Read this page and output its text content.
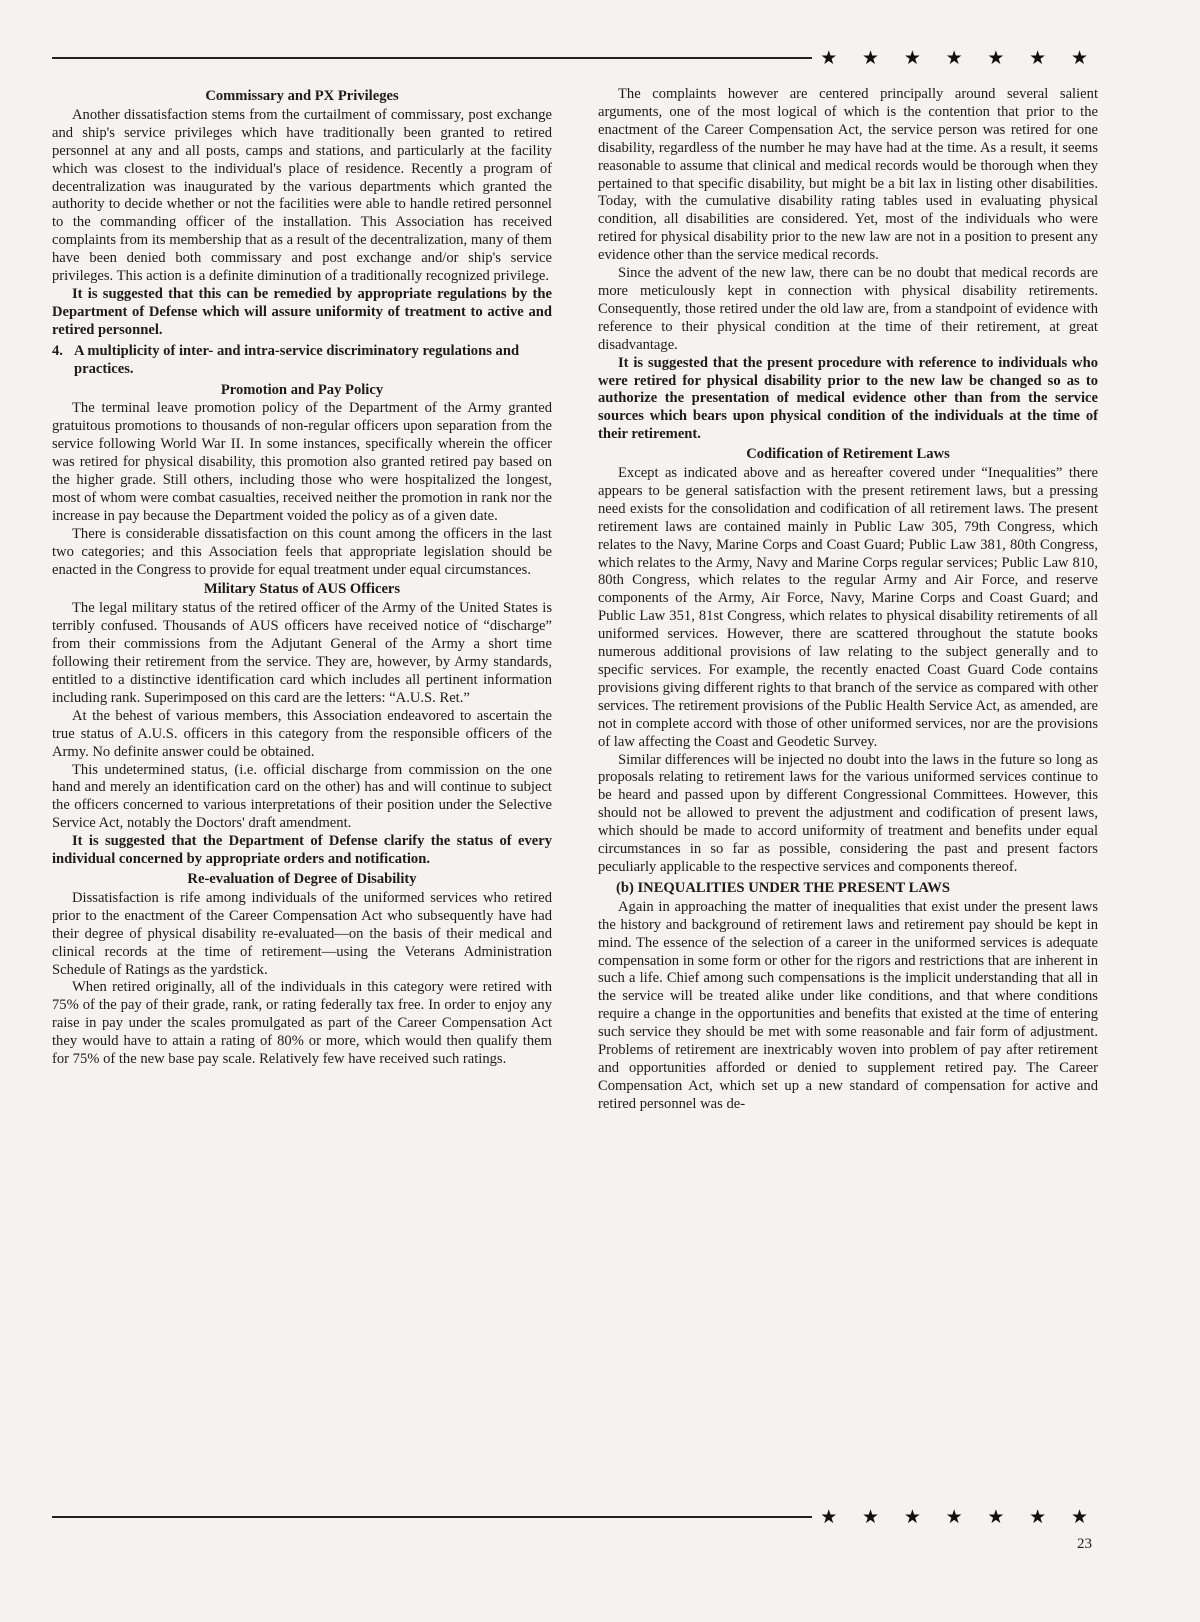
★ ★ ★ ★ ★ ★ ★
Commissary and PX Privileges

Another dissatisfaction stems from the curtailment of commissary, post exchange and ship's service privileges which have traditionally been granted to retired personnel at any and all posts, camps and stations, and particularly at the facility which was closest to the individual's place of residence. Recently a program of decentralization was inaugurated by the various departments which granted the authority to decide whether or not the facilities were able to handle retired personnel to the commanding officer of the installation. This Association has received complaints from its membership that as a result of the decentralization, many of them have been denied both commissary and post exchange and/or ship's service privileges. This action is a definite diminution of a traditionally recognized privilege.

It is suggested that this can be remedied by appropriate regulations by the Department of Defense which will assure uniformity of treatment to active and retired personnel.

4. A multiplicity of inter- and intra-service discriminatory regulations and practices.
Promotion and Pay Policy

The terminal leave promotion policy of the Department of the Army granted gratuitous promotions to thousands of non-regular officers upon separation from the service following World War II. In some instances, specifically wherein the officer was retired for physical disability, this promotion also granted retired pay based on the higher grade. Still others, including those who were hospitalized the longest, most of whom were combat casualties, received neither the promotion in rank nor the increase in pay because the Department voided the policy as of a given date.

There is considerable dissatisfaction on this count among the officers in the last two categories; and this Association feels that appropriate legislation should be enacted in the Congress to provide for equal treatment under equal circumstances.

Military Status of AUS Officers

The legal military status of the retired officer of the Army of the United States is terribly confused. Thousands of AUS officers have received notice of “discharge” from their commissions from the Adjutant General of the Army a short time following their retirement from the service. They are, however, by Army standards, entitled to a distinctive identification card which includes all pertinent information including rank. Superimposed on this card are the letters: “A.U.S. Ret.”

At the behest of various members, this Association endeavored to ascertain the true status of A.U.S. officers in this category from the responsible officers of the Army. No definite answer could be obtained.

This undetermined status, (i.e. official discharge from commission on the one hand and merely an identification card on the other) has and will continue to subject the officers concerned to various interpretations of their position under the Selective Service Act, notably the Doctors' draft amendment.

It is suggested that the Department of Defense clarify the status of every individual concerned by appropriate orders and notification.

Re-evaluation of Degree of Disability

Dissatisfaction is rife among individuals of the uniformed services who retired prior to the enactment of the Career Compensation Act who subsequently have had their degree of physical disability re-evaluated—on the basis of their medical and clinical records at the time of retirement—using the Veterans Administration Schedule of Ratings as the yardstick.

When retired originally, all of the individuals in this category were retired with 75% of the pay of their grade, rank, or rating federally tax free. In order to enjoy any raise in pay under the scales promulgated as part of the Career Compensation Act they would have to attain a rating of 80% or more, which would then qualify them for 75% of the new base pay scale. Relatively few have received such ratings.

The complaints however are centered principally around several salient arguments, one of the most logical of which is the contention that prior to the enactment of the Career Compensation Act, the service person was retired for one disability, regardless of the number he may have had at the time. As a result, it seems reasonable to assume that clinical and medical records would be thorough when they pertained to that specific disability, but might be a bit lax in listing other disabilities. Today, with the cumulative disability rating tables used in evaluating physical condition, all disabilities are considered. Yet, most of the individuals who were retired for physical disability prior to the new law are not in a position to present any evidence other than the service medical records.

Since the advent of the new law, there can be no doubt that medical records are more meticulously kept in connection with physical disability retirements. Consequently, those retired under the old law are, from a standpoint of evidence with reference to their physical condition at the time of their retirement, at great disadvantage.

It is suggested that the present procedure with reference to individuals who were retired for physical disability prior to the new law be changed so as to authorize the presentation of medical evidence other than from the service sources which bears upon physical condition of the individuals at the time of their retirement.

Codification of Retirement Laws

Except as indicated above and as hereafter covered under “Inequalities” there appears to be general satisfaction with the present retirement laws, but a pressing need exists for the consolidation and codification of all retirement laws. The present retirement laws are contained mainly in Public Law 305, 79th Congress, which relates to the Navy, Marine Corps and Coast Guard; Public Law 381, 80th Congress, which relates to the Army, Navy and Marine Corps regular services; Public Law 810, 80th Congress, which relates to the regular Army and Air Force, and reserve components of the Army, Air Force, Navy, Marine Corps and Coast Guard; and Public Law 351, 81st Congress, which relates to physical disability retirements of all uniformed services. However, there are scattered throughout the statute books numerous additional provisions of law relating to the subject generally and to specific services. For example, the recently enacted Coast Guard Code contains provisions giving different rights to that branch of the service as compared with other services. The retirement provisions of the Public Health Service Act, as amended, are not in complete accord with those of other uniformed services, nor are the provisions of law affecting the Coast and Geodetic Survey.

Similar differences will be injected no doubt into the laws in the future so long as proposals relating to retirement laws for the various uniformed services continue to be heard and passed upon by different Congressional Committees. However, this should not be allowed to prevent the adjustment and codification of present laws, which should be made to accord uniformity of treatment and benefits under equal circumstances in so far as possible, considering the past and present factors peculiarly applicable to the respective services and components thereof.

(b) INEQUALITIES UNDER THE PRESENT LAWS

Again in approaching the matter of inequalities that exist under the present laws the history and background of retirement laws and retirement pay should be kept in mind. The essence of the selection of a career in the uniformed services is adequate compensation in some form or other for the rigors and restrictions that are inherent in such a life. Chief among such compensations is the implicit understanding that all in the service will be treated alike under like conditions, and that where conditions require a change in the opportunities and benefits that existed at the time of entering such service they should be met with some reasonable and fair form of adjustment. Problems of retirement are inextricably woven into problem of pay after retirement and opportunities afforded or denied to supplement retired pay. The Career Compensation Act, which set up a new standard of compensation for active and retired personnel was de-

★ ★ ★ ★ ★ ★ ★
23
